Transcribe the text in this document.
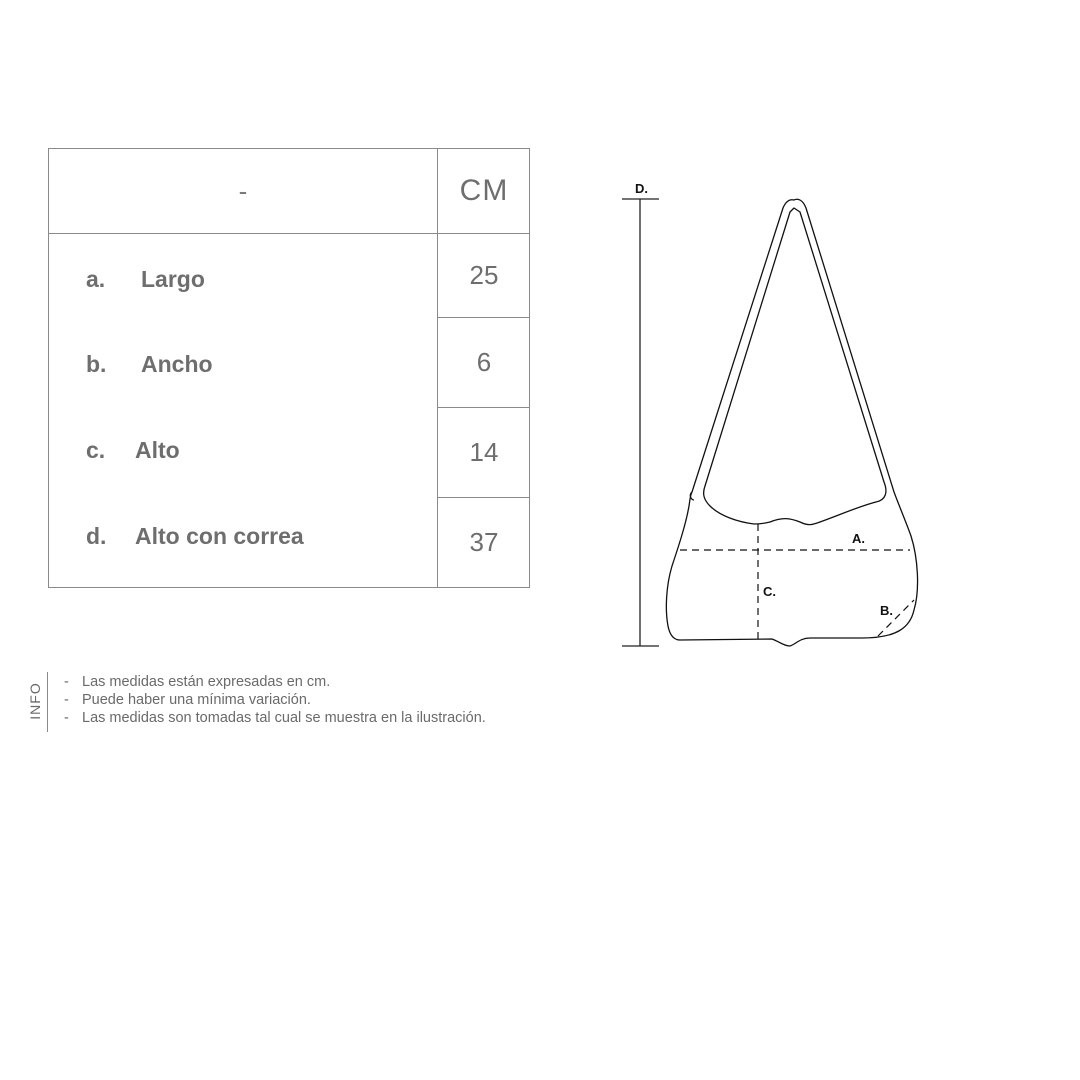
-	CM
a.	Largo	25
b.	Ancho	6
c.	Alto	14
d.	Alto con correa	37
D.
A.
C.
B.
INFO
- Las medidas están expresadas en cm.
- Puede haber una mínima variación.
- Las medidas son tomadas tal cual se muestra en la ilustración.
